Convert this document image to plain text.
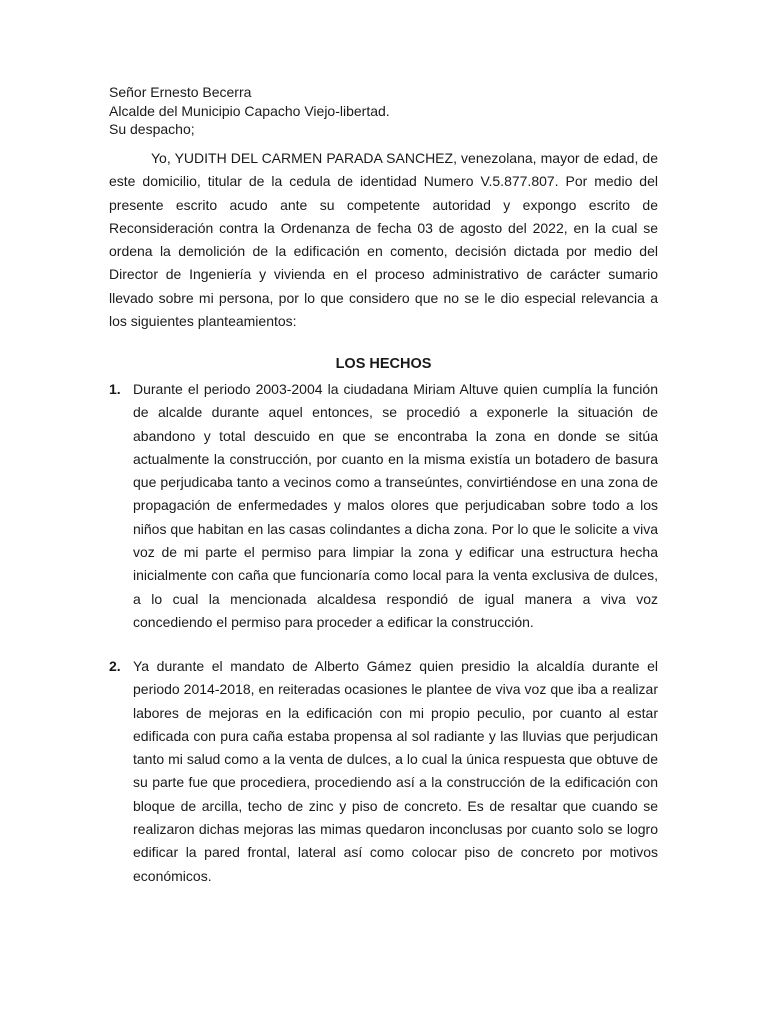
Señor Ernesto Becerra
Alcalde del Municipio Capacho Viejo-libertad.
Su despacho;

Yo, YUDITH DEL CARMEN PARADA SANCHEZ, venezolana, mayor de edad, de este domicilio, titular de la cedula de identidad Numero V.5.877.807. Por medio del presente escrito acudo ante su competente autoridad y expongo escrito de Reconsideración contra la Ordenanza de fecha 03 de agosto del 2022, en la cual se ordena la demolición de la edificación en comento, decisión dictada por medio del Director de Ingeniería y vivienda en el proceso administrativo de carácter sumario llevado sobre mi persona, por lo que considero que no se le dio especial relevancia a los siguientes planteamientos:

LOS HECHOS
1. Durante el periodo 2003-2004 la ciudadana Miriam Altuve quien cumplía la función de alcalde durante aquel entonces, se procedió a exponerle la situación de abandono y total descuido en que se encontraba la zona en donde se sitúa actualmente la construcción, por cuanto en la misma existía un botadero de basura que perjudicaba tanto a vecinos como a transeúntes, convirtiéndose en una zona de propagación de enfermedades y malos olores que perjudicaban sobre todo a los niños que habitan en las casas colindantes a dicha zona. Por lo que le solicite a viva voz de mi parte el permiso para limpiar la zona y edificar una estructura hecha inicialmente con caña que funcionaría como local para la venta exclusiva de dulces, a lo cual la mencionada alcaldesa respondió de igual manera a viva voz concediendo el permiso para proceder a edificar la construcción.

2. Ya durante el mandato de Alberto Gámez quien presidio la alcaldía durante el periodo 2014-2018, en reiteradas ocasiones le plantee de viva voz que iba a realizar labores de mejoras en la edificación con mi propio peculio, por cuanto al estar edificada con pura caña estaba propensa al sol radiante y las lluvias que perjudican tanto mi salud como a la venta de dulces, a lo cual la única respuesta que obtuve de su parte fue que procediera, procediendo así a la construcción de la edificación con bloque de arcilla, techo de zinc y piso de concreto. Es de resaltar que cuando se realizaron dichas mejoras las mimas quedaron inconclusas por cuanto solo se logro edificar la pared frontal, lateral así como colocar piso de concreto por motivos económicos.
